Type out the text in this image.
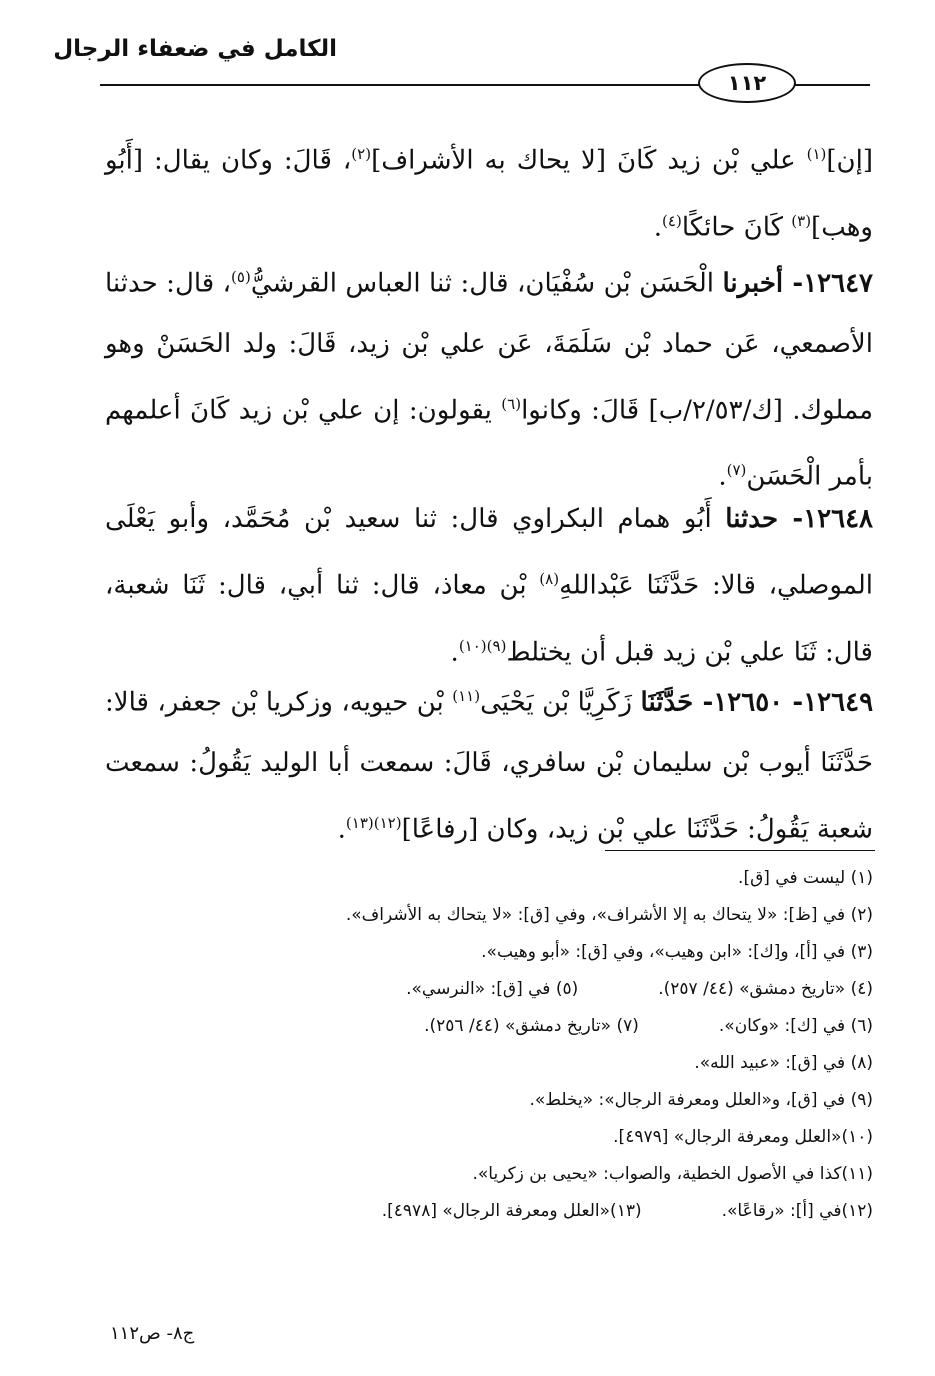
الكامل في ضعفاء الرجال
١١٢

[إن]$^{(١)}$ علي بْن زيد كَانَ [لا يحاك به الأشراف]$^{(٢)}$، قَالَ: وكان يقال: [أَبُو وهب]$^{(٣)}$ كَانَ حائكًا$^{(٤)}$.

١٢٦٤٧- أخبرنا الْحَسَن بْن سُفْيَان، قال: ثنا العباس القرشيُّ$^{(٥)}$، قال: حدثنا الأصمعي، عَن حماد بْن سَلَمَةَ، عَن علي بْن زيد، قَالَ: ولد الحَسَنْ وهو مملوك. [ك/٢/٥٣/ب] قَالَ: وكانوا$^{(٦)}$ يقولون: إن علي بْن زيد كَانَ أعلمهم بأمر الْحَسَن$^{(٧)}$.

١٢٦٤٨- حدثنا أَبُو همام البكراوي قال: ثنا سعيد بْن مُحَمَّد، وأبو يَعْلَى الموصلي، قالا: حَدَّثَنَا عَبْداللهِ$^{(٨)}$ بْن معاذ، قال: ثنا أبي، قال: ثَنَا شعبة، قال: ثَنَا علي بْن زيد قبل أن يختلط$^{(٩)(١٠)}$.

١٢٦٤٩- ١٢٦٥٠- حَدَّثَنَا زَكَرِيَّا بْن يَحْيَى$^{(١١)}$ بْن حيويه، وزكريا بْن جعفر، قالا: حَدَّثَنَا أيوب بْن سليمان بْن سافري، قَالَ: سمعت أبا الوليد يَقُولُ: سمعت شعبة يَقُولُ: حَدَّثَنَا علي بْن زيد، وكان [رفاعًا]$^{(١٢)(١٣)}$.

(١) ليست في [ق].
(٢) في [ظ]: «لا يتحاك به إلا الأشراف»، وفي [ق]: «لا يتحاك به الأشراف».
(٣) في [أ]، و[ك]: «ابن وهيب»، وفي [ق]: «أبو وهيب».
(٤) «تاريخ دمشق» (٤٤/ ٢٥٧).
(٥) في [ق]: «النرسي».
(٦) في [ك]: «وكان».
(٧) «تاريخ دمشق» (٤٤/ ٢٥٦).
(٨) في [ق]: «عبيد الله».
(٩) في [ق]، و«العلل ومعرفة الرجال»: «يخلط».
(١٠)«العلل ومعرفة الرجال» [٤٩٧٩].
(١١)كذا في الأصول الخطية، والصواب: «يحيى بن زكريا».
(١٢)في [أ]: «رقاعًا».
(١٣)«العلل ومعرفة الرجال» [٤٩٧٨].
ج٨- ص١١٢
